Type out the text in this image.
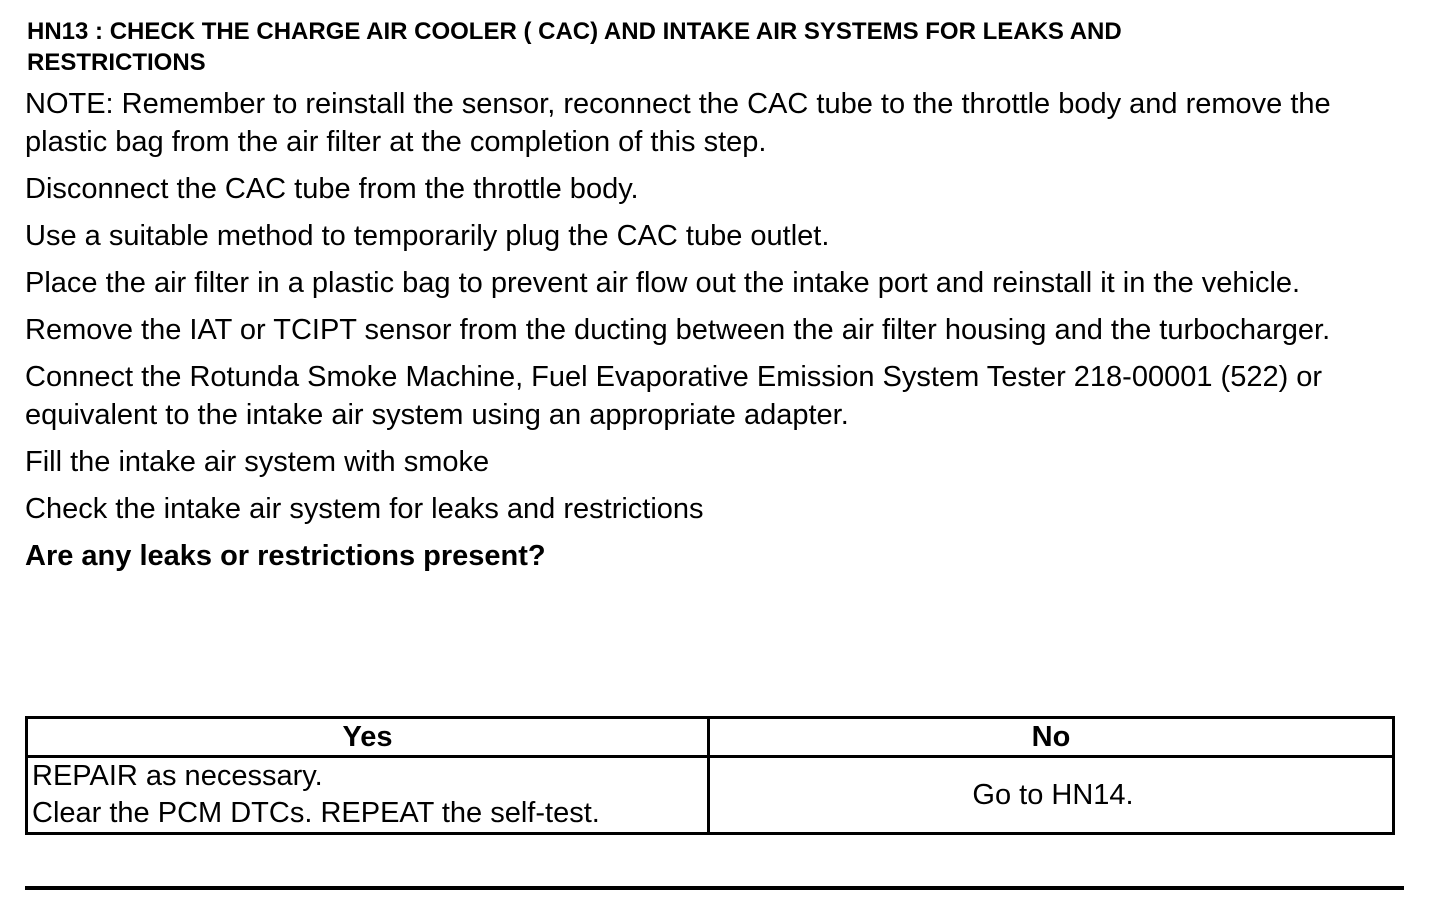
HN13 : CHECK THE CHARGE AIR COOLER ( CAC) AND INTAKE AIR SYSTEMS FOR LEAKS AND
RESTRICTIONS

NOTE: Remember to reinstall the sensor, reconnect the CAC tube to the throttle body and remove the plastic bag from the air filter at the completion of this step.

Disconnect the CAC tube from the throttle body.

Use a suitable method to temporarily plug the CAC tube outlet.

Place the air filter in a plastic bag to prevent air flow out the intake port and reinstall it in the vehicle.

Remove the IAT or TCIPT sensor from the ducting between the air filter housing and the turbocharger.

Connect the Rotunda Smoke Machine, Fuel Evaporative Emission System Tester 218-00001 (522) or equivalent to the intake air system using an appropriate adapter.

Fill the intake air system with smoke

Check the intake air system for leaks and restrictions

Are any leaks or restrictions present?
Yes	No

REPAIR as necessary.
Clear the PCM DTCs. REPEAT the self-test.	Go to HN14.
